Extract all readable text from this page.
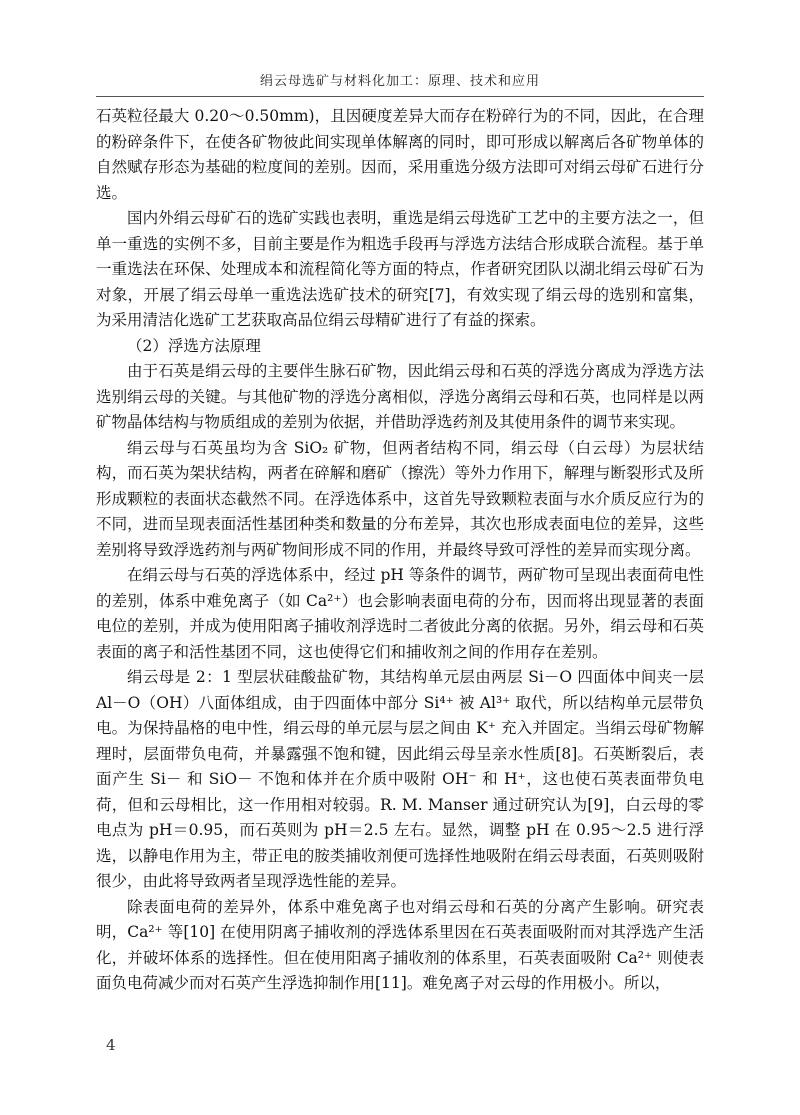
绢云母选矿与材料化加工：原理、技术和应用

石英粒径最大 0.20～0.50mm)，且因硬度差异大而存在粉碎行为的不同，因此，在合理的粉碎条件下，在使各矿物彼此间实现单体解离的同时，即可形成以解离后各矿物单体的自然赋存形态为基础的粒度间的差别。因而，采用重选分级方法即可对绢云母矿石进行分选。

国内外绢云母矿石的选矿实践也表明，重选是绢云母选矿工艺中的主要方法之一，但单一重选的实例不多，目前主要是作为粗选手段再与浮选方法结合形成联合流程。基于单一重选法在环保、处理成本和流程简化等方面的特点，作者研究团队以湖北绢云母矿石为对象，开展了绢云母单一重选法选矿技术的研究[7]，有效实现了绢云母的选别和富集，为采用清洁化选矿工艺获取高品位绢云母精矿进行了有益的探索。

（2）浮选方法原理

由于石英是绢云母的主要伴生脉石矿物，因此绢云母和石英的浮选分离成为浮选方法选别绢云母的关键。与其他矿物的浮选分离相似，浮选分离绢云母和石英，也同样是以两矿物晶体结构与物质组成的差别为依据，并借助浮选药剂及其使用条件的调节来实现。

绢云母与石英虽均为含 SiO₂ 矿物，但两者结构不同，绢云母（白云母）为层状结构，而石英为架状结构，两者在碎解和磨矿（擦洗）等外力作用下，解理与断裂形式及所形成颗粒的表面状态截然不同。在浮选体系中，这首先导致颗粒表面与水介质反应行为的不同，进而呈现表面活性基团种类和数量的分布差异，其次也形成表面电位的差异，这些差别将导致浮选药剂与两矿物间形成不同的作用，并最终导致可浮性的差异而实现分离。

在绢云母与石英的浮选体系中，经过 pH 等条件的调节，两矿物可呈现出表面荷电性的差别，体系中难免离子（如 Ca²⁺）也会影响表面电荷的分布，因而将出现显著的表面电位的差别，并成为使用阳离子捕收剂浮选时二者彼此分离的依据。另外，绢云母和石英表面的离子和活性基团不同，这也使得它们和捕收剂之间的作用存在差别。

绢云母是 2：1 型层状硅酸盐矿物，其结构单元层由两层 Si－O 四面体中间夹一层 Al－O（OH）八面体组成，由于四面体中部分 Si⁴⁺ 被 Al³⁺ 取代，所以结构单元层带负电。为保持晶格的电中性，绢云母的单元层与层之间由 K⁺ 充入并固定。当绢云母矿物解理时，层面带负电荷，并暴露强不饱和键，因此绢云母呈亲水性质[8]。石英断裂后，表面产生 Si－ 和 SiO－ 不饱和体并在介质中吸附 OH⁻ 和 H⁺，这也使石英表面带负电荷，但和云母相比，这一作用相对较弱。R. M. Manser 通过研究认为[9]，白云母的零电点为 pH＝0.95，而石英则为 pH＝2.5 左右。显然，调整 pH 在 0.95～2.5 进行浮选，以静电作用为主，带正电的胺类捕收剂便可选择性地吸附在绢云母表面，石英则吸附很少，由此将导致两者呈现浮选性能的差异。

除表面电荷的差异外，体系中难免离子也对绢云母和石英的分离产生影响。研究表明，Ca²⁺ 等[10] 在使用阴离子捕收剂的浮选体系里因在石英表面吸附而对其浮选产生活化，并破坏体系的选择性。但在使用阳离子捕收剂的体系里，石英表面吸附 Ca²⁺ 则使表面负电荷减少而对石英产生浮选抑制作用[11]。难免离子对云母的作用极小。所以，

4
